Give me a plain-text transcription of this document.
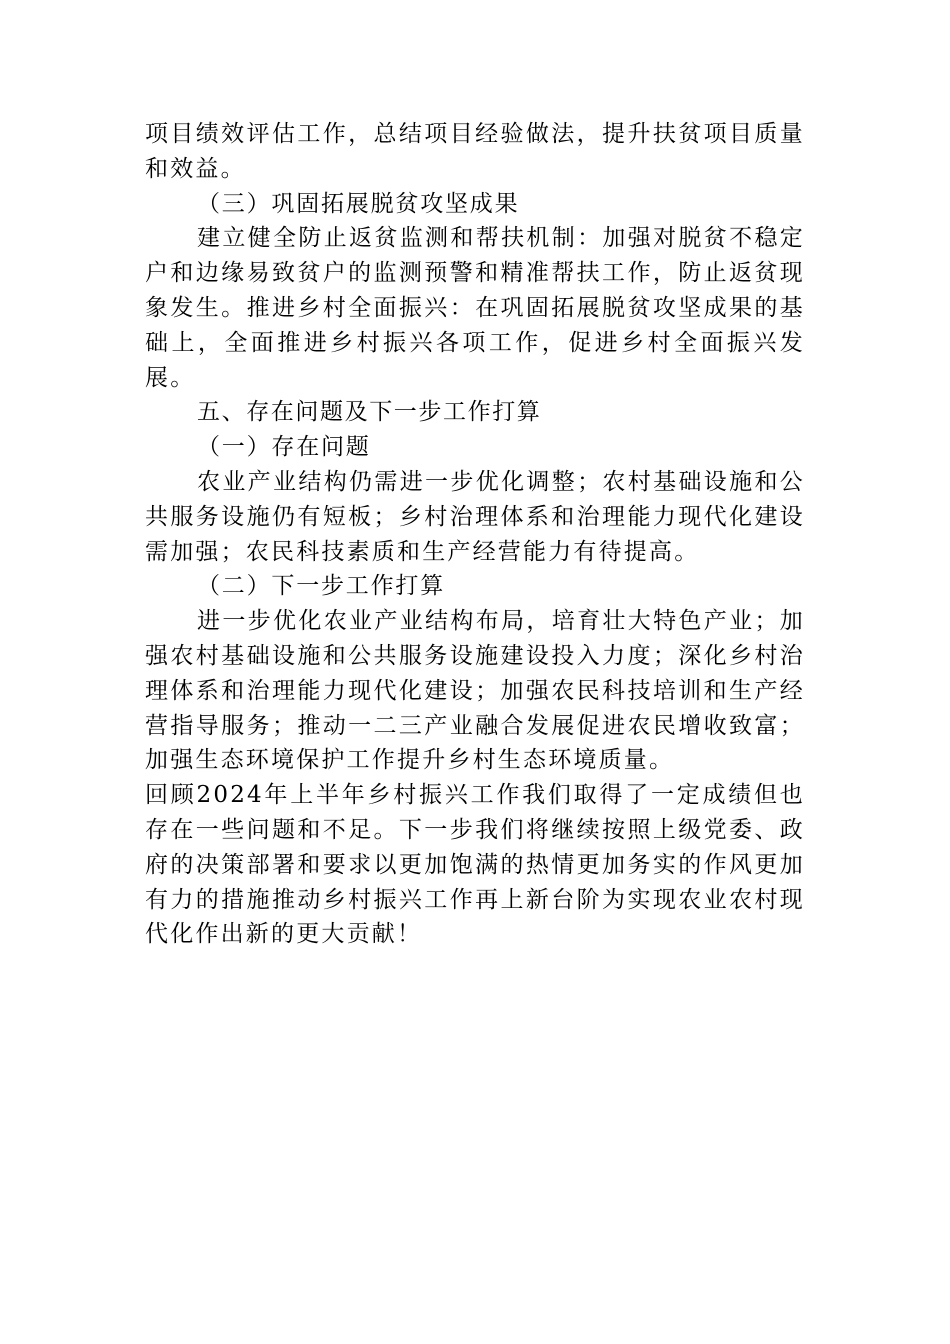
项目绩效评估工作，总结项目经验做法，提升扶贫项目质量和效益。

（三）巩固拓展脱贫攻坚成果

建立健全防止返贫监测和帮扶机制：加强对脱贫不稳定户和边缘易致贫户的监测预警和精准帮扶工作，防止返贫现象发生。推进乡村全面振兴：在巩固拓展脱贫攻坚成果的基础上，全面推进乡村振兴各项工作，促进乡村全面振兴发展。

五、存在问题及下一步工作打算

（一）存在问题

农业产业结构仍需进一步优化调整；农村基础设施和公共服务设施仍有短板；乡村治理体系和治理能力现代化建设需加强；农民科技素质和生产经营能力有待提高。

（二）下一步工作打算

进一步优化农业产业结构布局，培育壮大特色产业；加强农村基础设施和公共服务设施建设投入力度；深化乡村治理体系和治理能力现代化建设；加强农民科技培训和生产经营指导服务；推动一二三产业融合发展促进农民增收致富；加强生态环境保护工作提升乡村生态环境质量。

回顾2024年上半年乡村振兴工作我们取得了一定成绩但也存在一些问题和不足。下一步我们将继续按照上级党委、政府的决策部署和要求以更加饱满的热情更加务实的作风更加有力的措施推动乡村振兴工作再上新台阶为实现农业农村现代化作出新的更大贡献！
